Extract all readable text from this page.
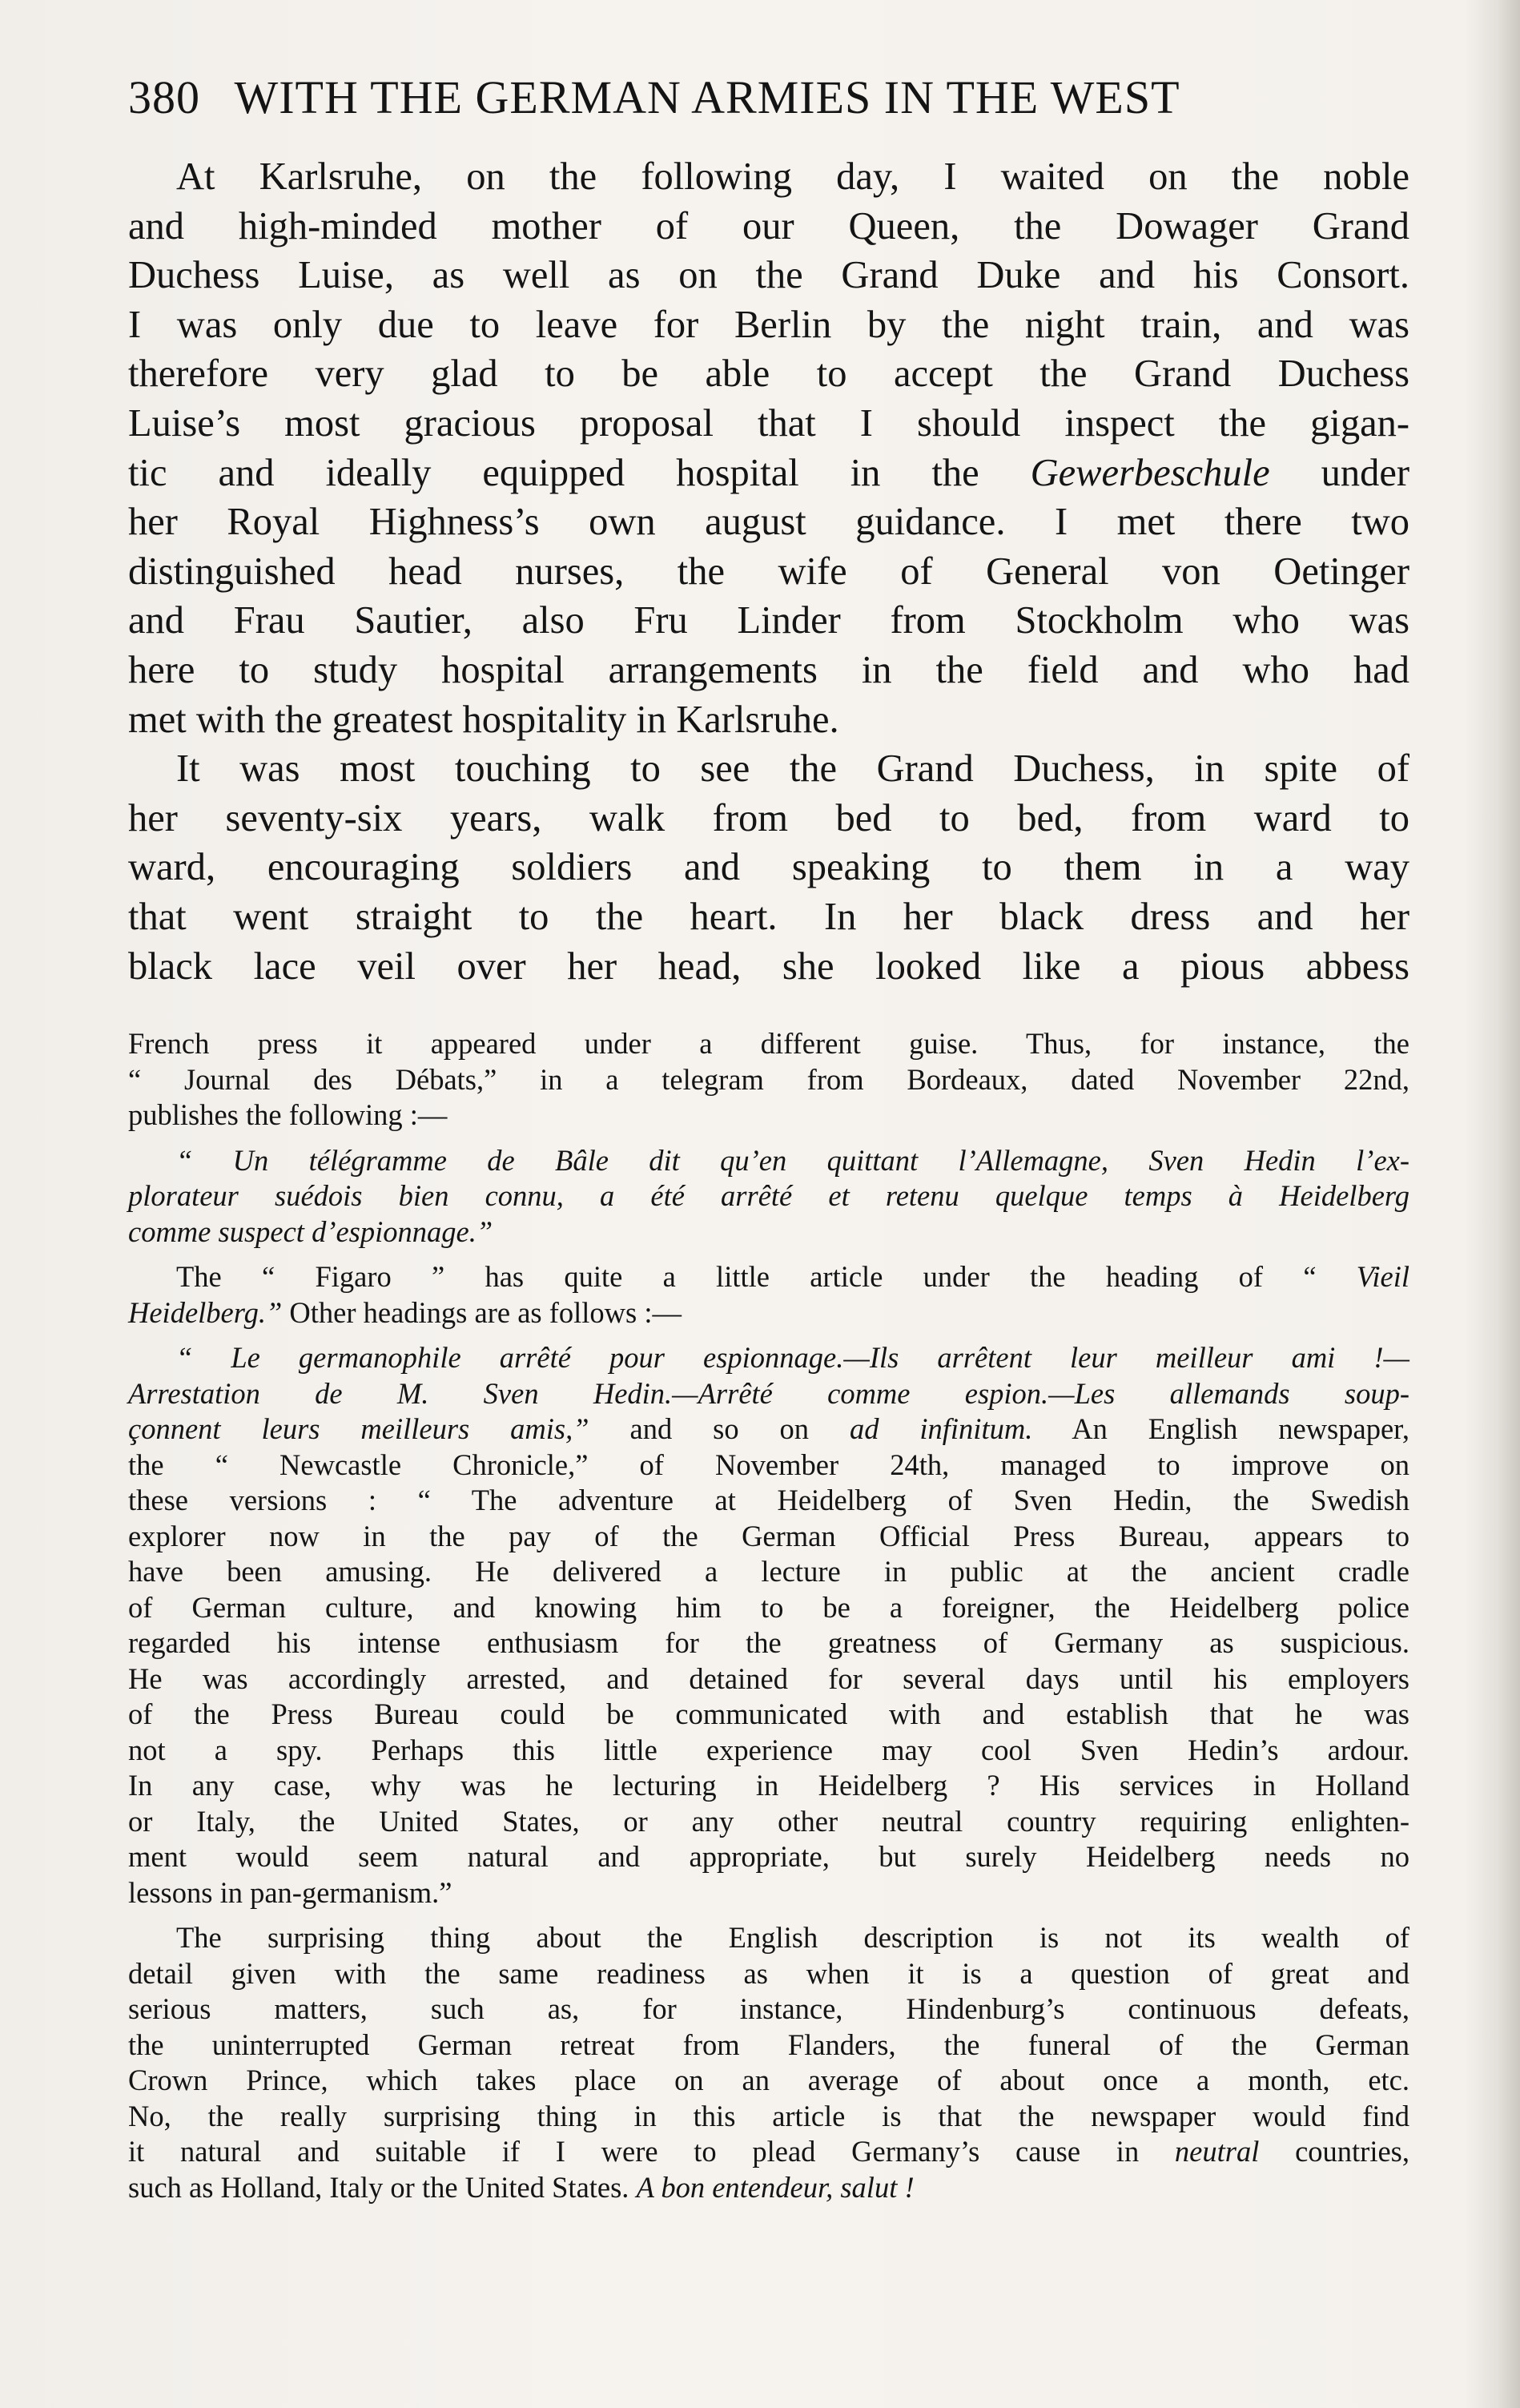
380 WITH THE GERMAN ARMIES IN THE WEST
At Karlsruhe, on the following day, I waited on the noble
and high-minded mother of our Queen, the Dowager Grand
Duchess Luise, as well as on the Grand Duke and his Consort.
I was only due to leave for Berlin by the night train, and was
therefore very glad to be able to accept the Grand Duchess
Luise’s most gracious proposal that I should inspect the gigan-
tic and ideally equipped hospital in the Gewerbeschule under
her Royal Highness’s own august guidance. I met there two
distinguished head nurses, the wife of General von Oetinger
and Frau Sautier, also Fru Linder from Stockholm who was
here to study hospital arrangements in the field and who had
met with the greatest hospitality in Karlsruhe.
It was most touching to see the Grand Duchess, in spite of
her seventy-six years, walk from bed to bed, from ward to
ward, encouraging soldiers and speaking to them in a way
that went straight to the heart. In her black dress and her
black lace veil over her head, she looked like a pious abbess
French press it appeared under a different guise. Thus, for instance, the
“ Journal des Débats,” in a telegram from Bordeaux, dated November 22nd,
publishes the following :—
“ Un télégramme de Bâle dit qu’en quittant l’Allemagne, Sven Hedin l’ex-
plorateur suédois bien connu, a été arrêté et retenu quelque temps à Heidelberg
comme suspect d’espionnage.”
The “ Figaro ” has quite a little article under the heading of “ Vieil
Heidelberg.” Other headings are as follows :—
“ Le germanophile arrêté pour espionnage.—Ils arrêtent leur meilleur ami !—
Arrestation de M. Sven Hedin.—Arrêté comme espion.—Les allemands soup-
çonnent leurs meilleurs amis,” and so on ad infinitum. An English newspaper,
the “ Newcastle Chronicle,” of November 24th, managed to improve on
these versions : “ The adventure at Heidelberg of Sven Hedin, the Swedish
explorer now in the pay of the German Official Press Bureau, appears to
have been amusing. He delivered a lecture in public at the ancient cradle
of German culture, and knowing him to be a foreigner, the Heidelberg police
regarded his intense enthusiasm for the greatness of Germany as suspicious.
He was accordingly arrested, and detained for several days until his employers
of the Press Bureau could be communicated with and establish that he was
not a spy. Perhaps this little experience may cool Sven Hedin’s ardour.
In any case, why was he lecturing in Heidelberg ? His services in Holland
or Italy, the United States, or any other neutral country requiring enlighten-
ment would seem natural and appropriate, but surely Heidelberg needs no
lessons in pan-germanism.”
The surprising thing about the English description is not its wealth of
detail given with the same readiness as when it is a question of great and
serious matters, such as, for instance, Hindenburg’s continuous defeats,
the uninterrupted German retreat from Flanders, the funeral of the German
Crown Prince, which takes place on an average of about once a month, etc.
No, the really surprising thing in this article is that the newspaper would find
it natural and suitable if I were to plead Germany’s cause in neutral countries,
such as Holland, Italy or the United States. A bon entendeur, salut !
